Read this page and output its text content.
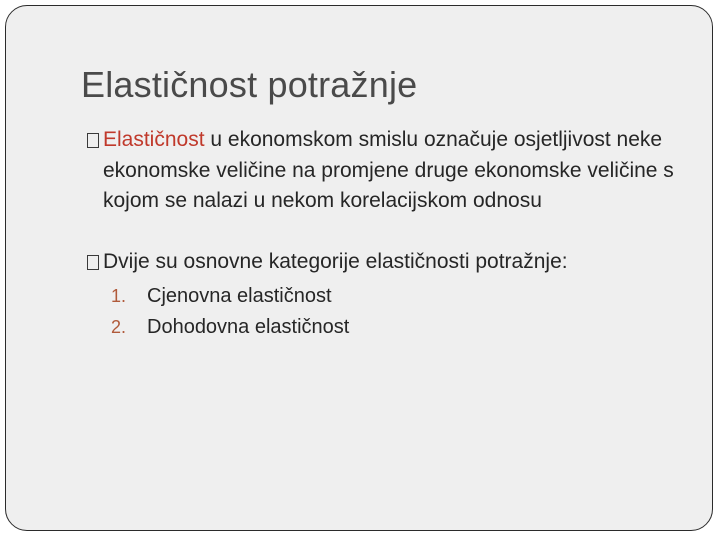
Elastičnost potražnje
Elastičnost u ekonomskom smislu označuje osjetljivost neke ekonomske veličine na promjene druge ekonomske veličine s kojom se nalazi u nekom korelacijskom odnosu
Dvije su osnovne kategorije elastičnosti potražnje:
1. Cjenovna elastičnost
2. Dohodovna elastičnost
